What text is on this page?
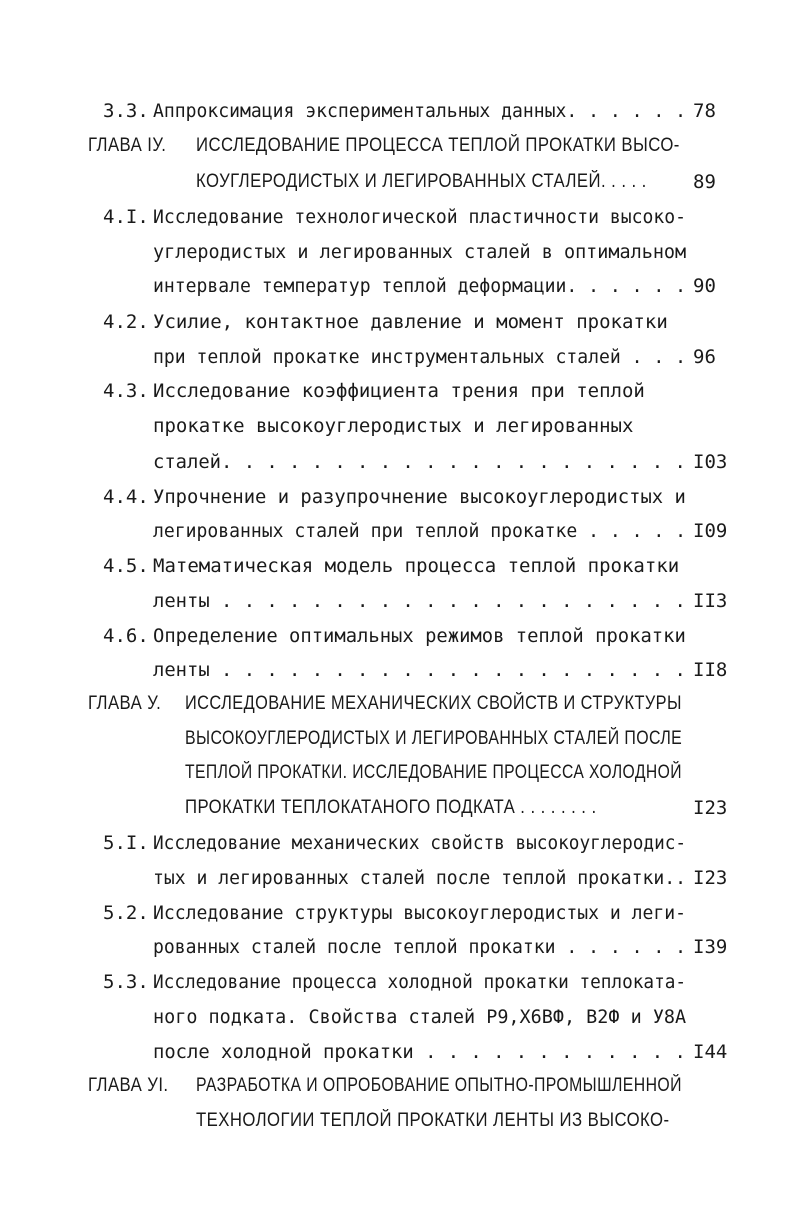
3.3. Аппроксимация экспериментальных данных. . . . . . 78
ГЛАВА IУ. ИССЛЕДОВАНИЕ ПРОЦЕССА ТЕПЛОЙ ПРОКАТКИ ВЫСО-
КОУГЛЕРОДИСТЫХ И ЛЕГИРОВАННЫХ СТАЛЕЙ. . . . . 89
4.I. Исследование технологической пластичности высоко-
углеродистых и легированных сталей в оптимальном
интервале температур теплой деформации. . . . . . 90
4.2. Усилие, контактное давление и момент прокатки
при теплой прокатке инструментальных сталей . . . 96
4.3. Исследование коэффициента трения при теплой
прокатке высокоуглеродистых и легированных
сталей. . . . . . . . . . . . . . . . . . . . . I03
4.4. Упрочнение и разупрочнение высокоуглеродистых и
легированных сталей при теплой прокатке . . . . . I09
4.5. Математическая модель процесса теплой прокатки
ленты . . . . . . . . . . . . . . . . . . . . . II3
4.6. Определение оптимальных режимов теплой прокатки
ленты . . . . . . . . . . . . . . . . . . . . . II8
ГЛАВА У. ИССЛЕДОВАНИЕ МЕХАНИЧЕСКИХ СВОЙСТВ И СТРУКТУРЫ
ВЫСОКОУГЛЕРОДИСТЫХ И ЛЕГИРОВАННЫХ СТАЛЕЙ ПОСЛЕ
ТЕПЛОЙ ПРОКАТКИ. ИССЛЕДОВАНИЕ ПРОЦЕССА ХОЛОДНОЙ
ПРОКАТКИ ТЕПЛОКАТАНОГО ПОДКАТА . . . . . . . .	I23
5.I. Исследование механических свойств высокоуглеродис-
тых и легированных сталей после теплой прокатки.. I23
5.2. Исследование структуры высокоуглеродистых и леги-
рованных сталей после теплой прокатки . . . . . . I39
5.3. Исследование процесса холодной прокатки теплоката-
ного подката. Свойства сталей Р9,Х6ВФ, В2Ф и У8А
после холодной прокатки . . . . . . . . . . . . I44
ГЛАВА УI. РАЗРАБОТКА И ОПРОБОВАНИЕ ОПЫТНО-ПРОМЫШЛЕННОЙ
ТЕХНОЛОГИИ ТЕПЛОЙ ПРОКАТКИ ЛЕНТЫ ИЗ ВЫСОКО-
